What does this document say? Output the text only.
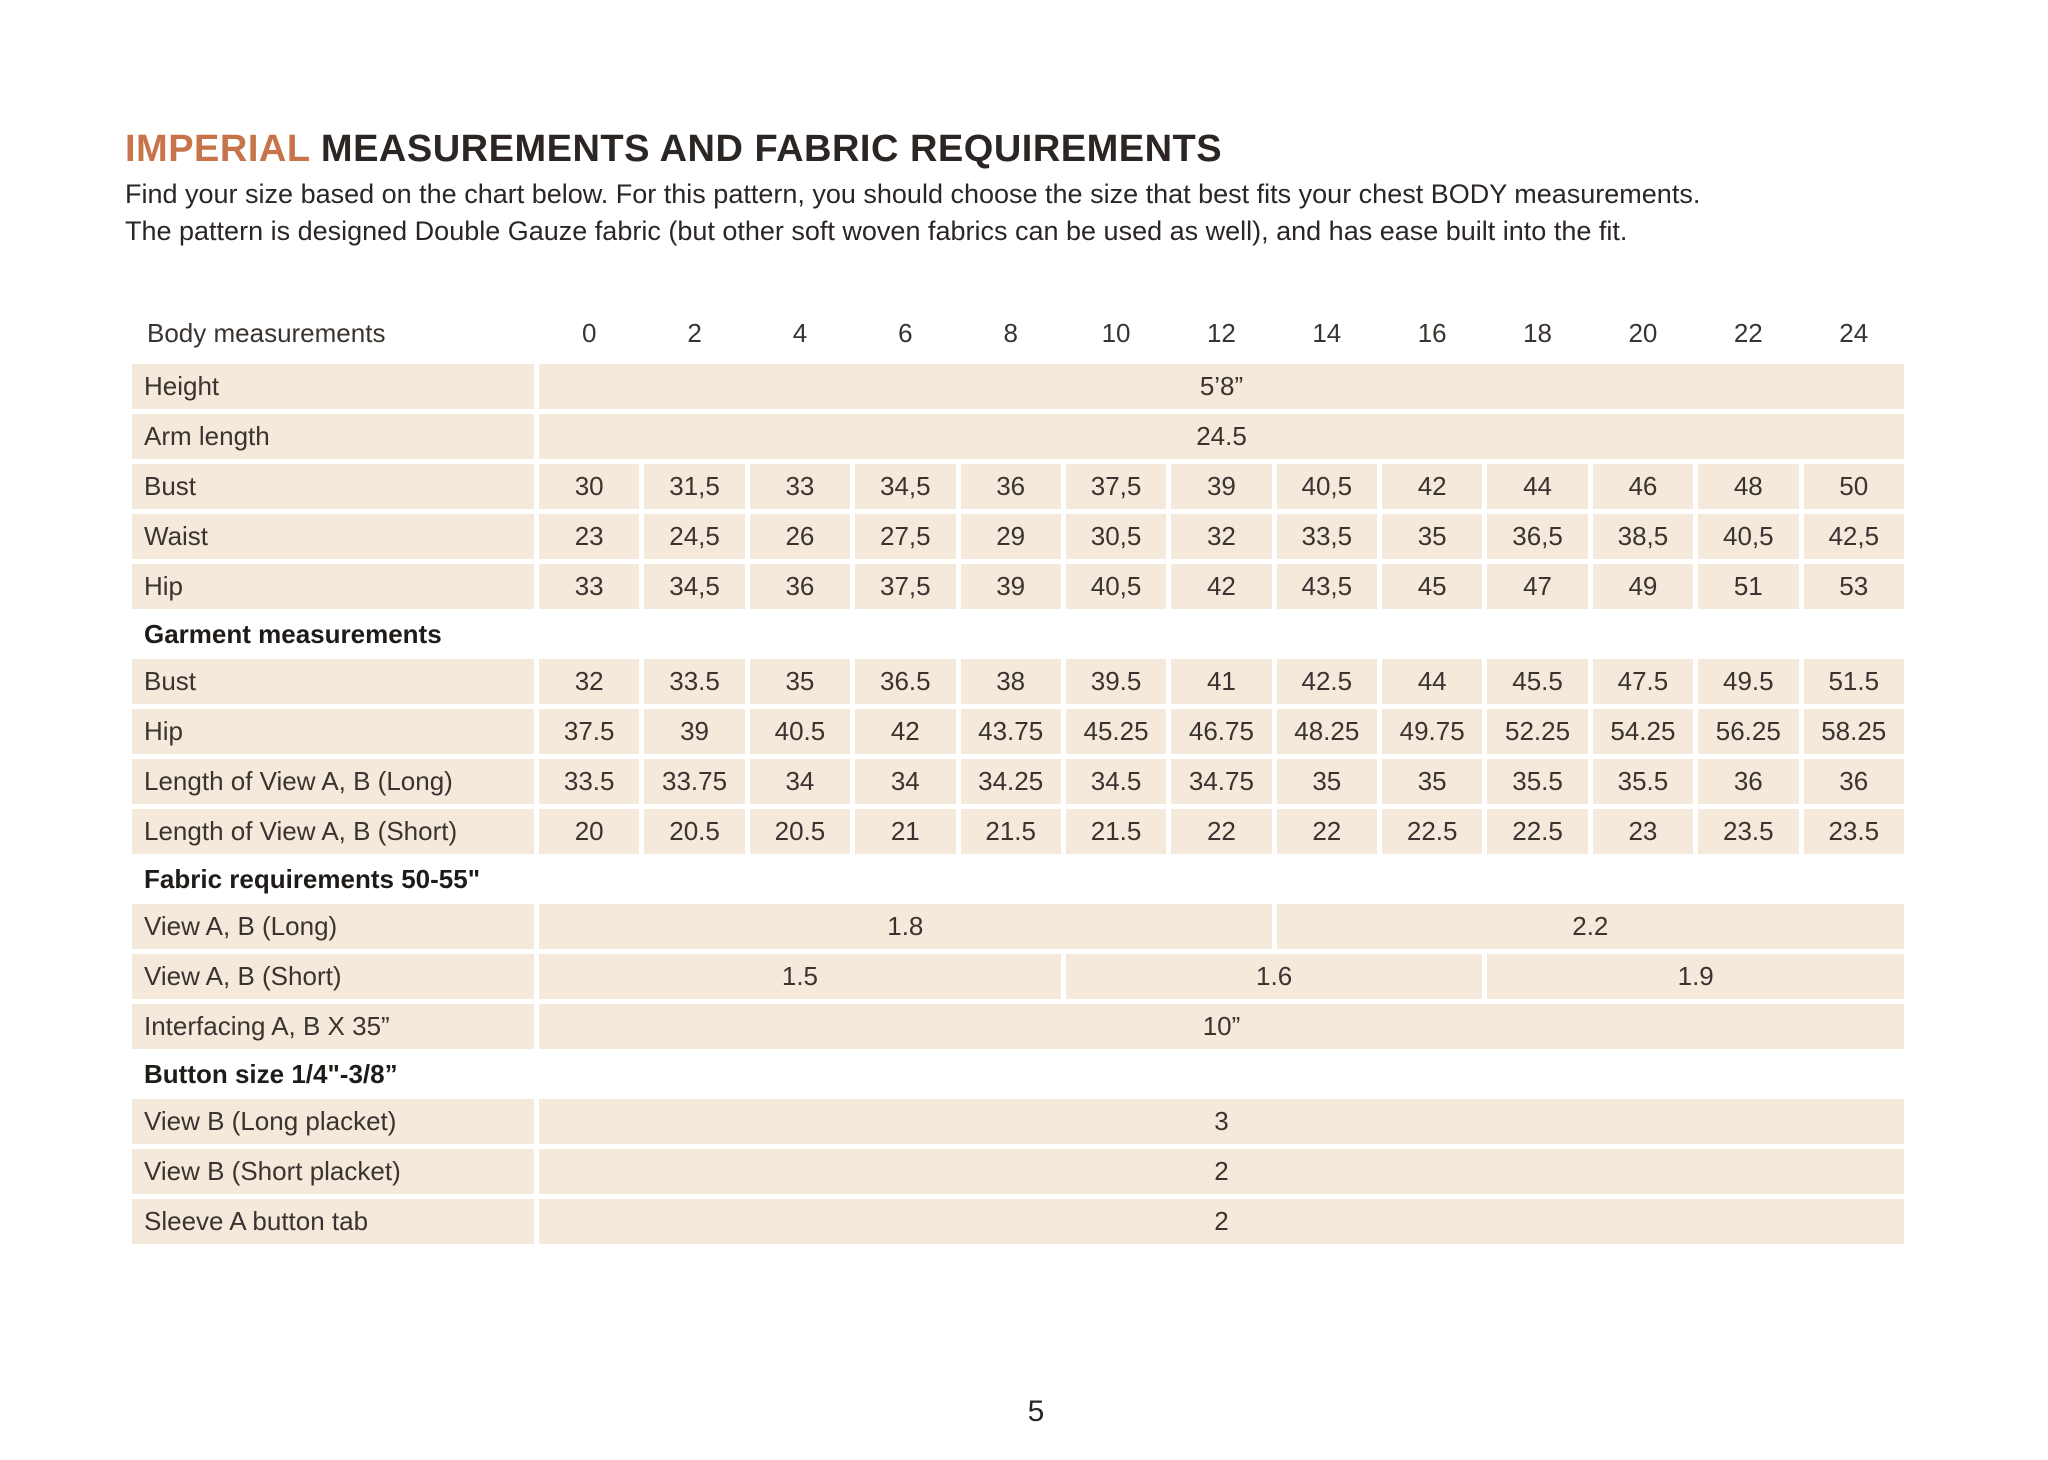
IMPERIAL MEASUREMENTS AND FABRIC REQUIREMENTS

Find your size based on the chart below. For this pattern, you should choose the size that best fits your chest BODY measurements.

The pattern is designed Double Gauze fabric (but other soft woven fabrics can be used as well), and has ease built into the fit.

Body measurements	0	2	4	6	8	10	12	14	16	18	20	22	24
Height	5’8”												
Arm length	24.5												
Bust	30	31,5	33	34,5	36	37,5	39	40,5	42	44	46	48	50
Waist	23	24,5	26	27,5	29	30,5	32	33,5	35	36,5	38,5	40,5	42,5
Hip	33	34,5	36	37,5	39	40,5	42	43,5	45	47	49	51	53
Garment measurements													
Bust	32	33.5	35	36.5	38	39.5	41	42.5	44	45.5	47.5	49.5	51.5
Hip	37.5	39	40.5	42	43.75	45.25	46.75	48.25	49.75	52.25	54.25	56.25	58.25
Length of View A, B (Long)	33.5	33.75	34	34	34.25	34.5	34.75	35	35	35.5	35.5	36	36
Length of View A, B (Short)	20	20.5	20.5	21	21.5	21.5	22	22	22.5	22.5	23	23.5	23.5
Fabric requirements 50-55"													
View A, B (Long)	1.8							2.2					
View A, B (Short)	1.5					1.6				1.9			
Interfacing A, B X 35”	10”												
Button size 1/4"-3/8”													
View B (Long placket)	3												
View B (Short placket)	2												
Sleeve A button tab	2												
5
